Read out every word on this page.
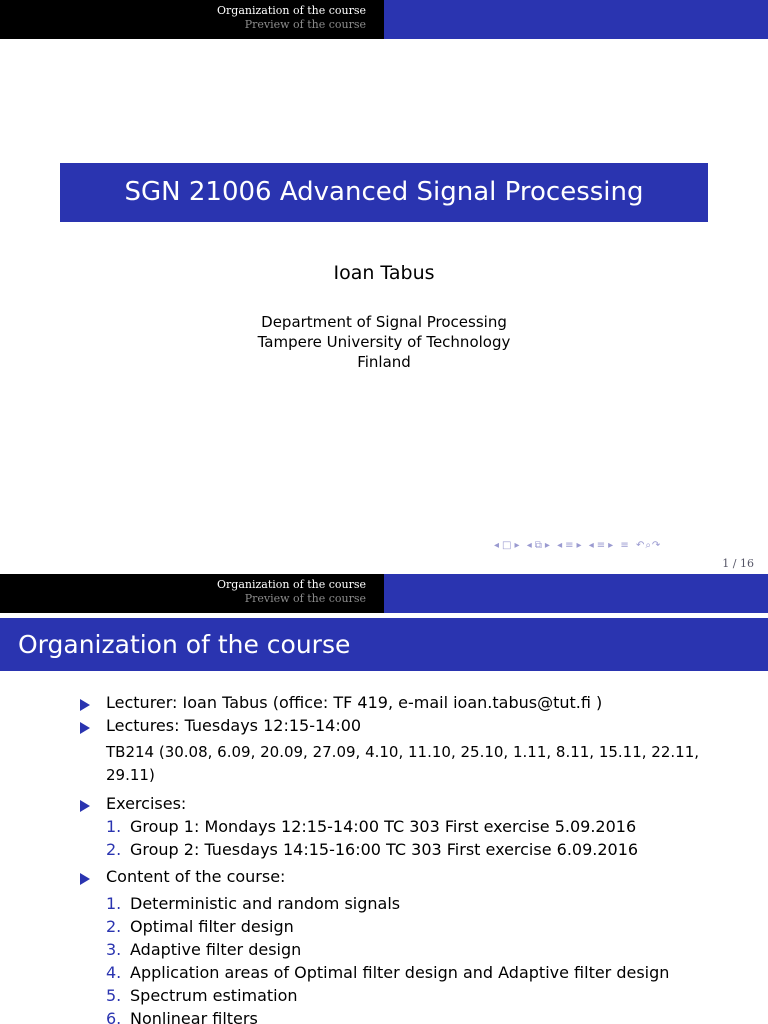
Organization of the course
Preview of the course
SGN 21006 Advanced Signal Processing
Ioan Tabus
Department of Signal Processing
Tampere University of Technology
Finland
◂ □ ▸ ◂ ⧉ ▸ ◂ ≡ ▸ ◂ ≡ ▸ ≡ ↶⌕↷
1 / 16
Organization of the course
Preview of the course
Organization of the course
Lecturer: Ioan Tabus (office: TF 419, e-mail ioan.tabus@tut.fi )
Lectures: Tuesdays 12:15-14:00
TB214 (30.08, 6.09, 20.09, 27.09, 4.10, 11.10, 25.10, 1.11, 8.11, 15.11, 22.11, 29.11)
Exercises:
1. Group 1: Mondays 12:15-14:00 TC 303 First exercise 5.09.2016
2. Group 2: Tuesdays 14:15-16:00 TC 303 First exercise 6.09.2016
Content of the course:
1. Deterministic and random signals
2. Optimal filter design
3. Adaptive filter design
4. Application areas of Optimal filter design and Adaptive filter design
5. Spectrum estimation
6. Nonlinear filters
